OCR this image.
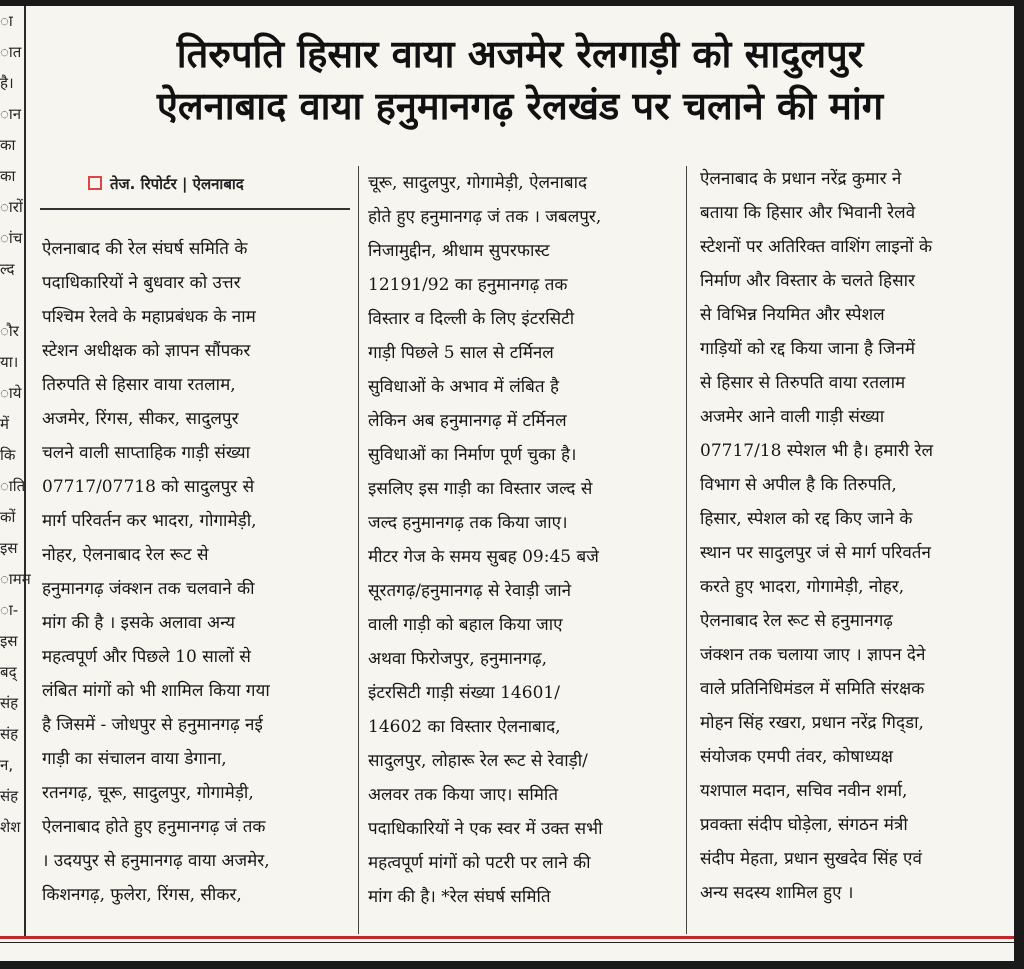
ा
ात
है।
ान
का
का
ारों
ांच
ल्द
ौर
या।
ाये
में
कि
ाति
कों
इस
ामम
ा-
इस
बद्
संह
संह
न,
संह
शेश
तिरुपति हिसार वाया अजमेर रेलगाड़ी को सादुलपुर
ऐलनाबाद वाया हनुमानगढ़ रेलखंड पर चलाने की मांग
तेज. रिपोर्टर | ऐलनाबाद
ऐलनाबाद की रेल संघर्ष समिति के
पदाधिकारियों ने बुधवार को उत्तर
पश्चिम रेलवे के महाप्रबंधक के नाम
स्टेशन अधीक्षक को ज्ञापन सौंपकर
तिरुपति से हिसार वाया रतलाम,
अजमेर, रिंगस, सीकर, सादुलपुर
चलने वाली साप्ताहिक गाड़ी संख्या
07717/07718 को सादुलपुर से
मार्ग परिवर्तन कर भादरा, गोगामेड़ी,
नोहर, ऐलनाबाद रेल रूट से
हनुमानगढ़ जंक्शन तक चलवाने की
मांग की है । इसके अलावा अन्य
महत्वपूर्ण और पिछले 10 सालों से
लंबित मांगों को भी शामिल किया गया
है जिसमें - जोधपुर से हनुमानगढ़ नई
गाड़ी का संचालन वाया डेगाना,
रतनगढ़, चूरू, सादुलपुर, गोगामेड़ी,
ऐलनाबाद होते हुए हनुमानगढ़ जं तक
। उदयपुर से हनुमानगढ़ वाया अजमेर,
किशनगढ़, फुलेरा, रिंगस, सीकर,
चूरू, सादुलपुर, गोगामेड़ी, ऐलनाबाद
होते हुए हनुमानगढ़ जं तक । जबलपुर,
निजामुद्दीन, श्रीधाम सुपरफास्ट
12191/92 का हनुमानगढ़ तक
विस्तार व दिल्ली के लिए इंटरसिटी
गाड़ी पिछले 5 साल से टर्मिनल
सुविधाओं के अभाव में लंबित है
लेकिन अब हनुमानगढ़ में टर्मिनल
सुविधाओं का निर्माण पूर्ण चुका है।
इसलिए इस गाड़ी का विस्तार जल्द से
जल्द हनुमानगढ़ तक किया जाए।
मीटर गेज के समय सुबह 09:45 बजे
सूरतगढ़/हनुमानगढ़ से रेवाड़ी जाने
वाली गाड़ी को बहाल किया जाए
अथवा फिरोजपुर, हनुमानगढ़,
इंटरसिटी गाड़ी संख्या 14601/
14602 का विस्तार ऐलनाबाद,
सादुलपुर, लोहारू रेल रूट से रेवाड़ी/
अलवर तक किया जाए। समिति
पदाधिकारियों ने एक स्वर में उक्त सभी
महत्वपूर्ण मांगों को पटरी पर लाने की
मांग की है। *रेल संघर्ष समिति
ऐलनाबाद के प्रधान नरेंद्र कुमार ने
बताया कि हिसार और भिवानी रेलवे
स्टेशनों पर अतिरिक्त वाशिंग लाइनों के
निर्माण और विस्तार के चलते हिसार
से विभिन्न नियमित और स्पेशल
गाड़ियों को रद्द किया जाना है जिनमें
से हिसार से तिरुपति वाया रतलाम
अजमेर आने वाली गाड़ी संख्या
07717/18 स्पेशल भी है। हमारी रेल
विभाग से अपील है कि तिरुपति,
हिसार, स्पेशल को रद्द किए जाने के
स्थान पर सादुलपुर जं से मार्ग परिवर्तन
करते हुए भादरा, गोगामेड़ी, नोहर,
ऐलनाबाद रेल रूट से हनुमानगढ़
जंक्शन तक चलाया जाए । ज्ञापन देने
वाले प्रतिनिधिमंडल में समिति संरक्षक
मोहन सिंह रखरा, प्रधान नरेंद्र गिद्डा,
संयोजक एमपी तंवर, कोषाध्यक्ष
यशपाल मदान, सचिव नवीन शर्मा,
प्रवक्ता संदीप घोड़ेला, संगठन मंत्री
संदीप मेहता, प्रधान सुखदेव सिंह एवं
अन्य सदस्य शामिल हुए ।
